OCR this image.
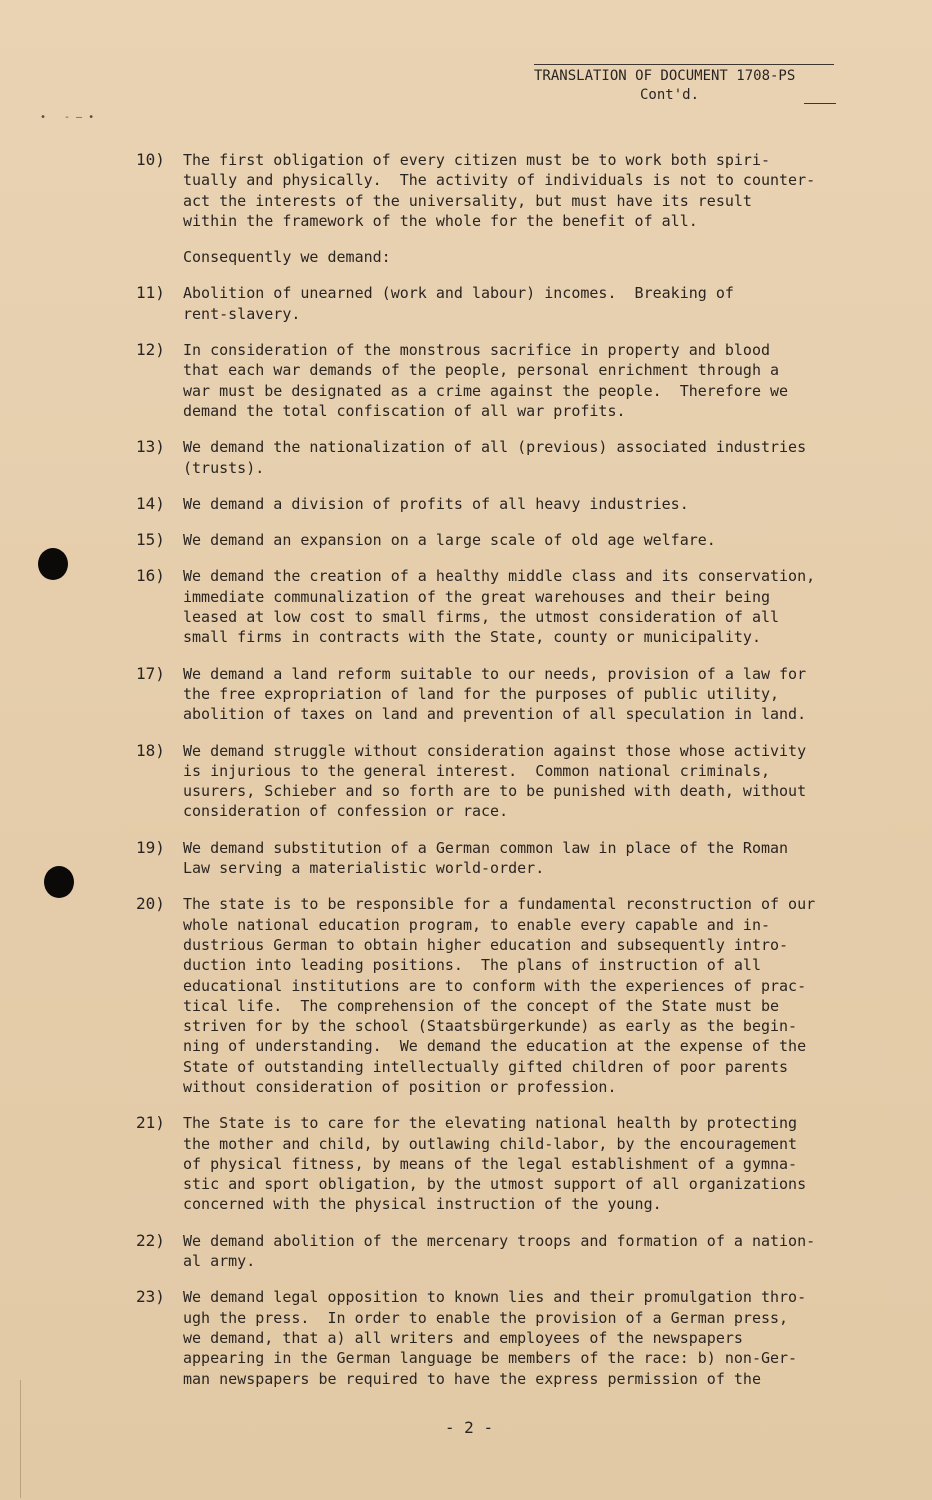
• -–•
TRANSLATION OF DOCUMENT 1708-PS
Cont'd.
10)	The first obligation of every citizen must be to work both spiri-
tually and physically.  The activity of individuals is not to counter-
act the interests of the universality, but must have its result
within the framework of the whole for the benefit of all.
Consequently we demand:
11)	Abolition of unearned (work and labour) incomes.  Breaking of
rent-slavery.
12)	In consideration of the monstrous sacrifice in property and blood
that each war demands of the people, personal enrichment through a
war must be designated as a crime against the people.  Therefore we
demand the total confiscation of all war profits.
13)	We demand the nationalization of all (previous) associated industries
(trusts).
14)	We demand a division of profits of all heavy industries.
15)	We demand an expansion on a large scale of old age welfare.
16)	We demand the creation of a healthy middle class and its conservation,
immediate communalization of the great warehouses and their being
leased at low cost to small firms, the utmost consideration of all
small firms in contracts with the State, county or municipality.
17)	We demand a land reform suitable to our needs, provision of a law for
the free expropriation of land for the purposes of public utility,
abolition of taxes on land and prevention of all speculation in land.
18)	We demand struggle without consideration against those whose activity
is injurious to the general interest.  Common national criminals,
usurers, Schieber and so forth are to be punished with death, without
consideration of confession or race.
19)	We demand substitution of a German common law in place of the Roman
Law serving a materialistic world-order.
20)	The state is to be responsible for a fundamental reconstruction of our
whole national education program, to enable every capable and in-
dustrious German to obtain higher education and subsequently intro-
duction into leading positions.  The plans of instruction of all
educational institutions are to conform with the experiences of prac-
tical life.  The comprehension of the concept of the State must be
striven for by the school (Staatsbürgerkunde) as early as the begin-
ning of understanding.  We demand the education at the expense of the
State of outstanding intellectually gifted children of poor parents
without consideration of position or profession.
21)	The State is to care for the elevating national health by protecting
the mother and child, by outlawing child-labor, by the encouragement
of physical fitness, by means of the legal establishment of a gymna-
stic and sport obligation, by the utmost support of all organizations
concerned with the physical instruction of the young.
22)	We demand abolition of the mercenary troops and formation of a nation-
al army.
23)	We demand legal opposition to known lies and their promulgation thro-
ugh the press.  In order to enable the provision of a German press,
we demand, that a) all writers and employees of the newspapers
appearing in the German language be members of the race: b) non-Ger-
man newspapers be required to have the express permission of the
- 2 -
